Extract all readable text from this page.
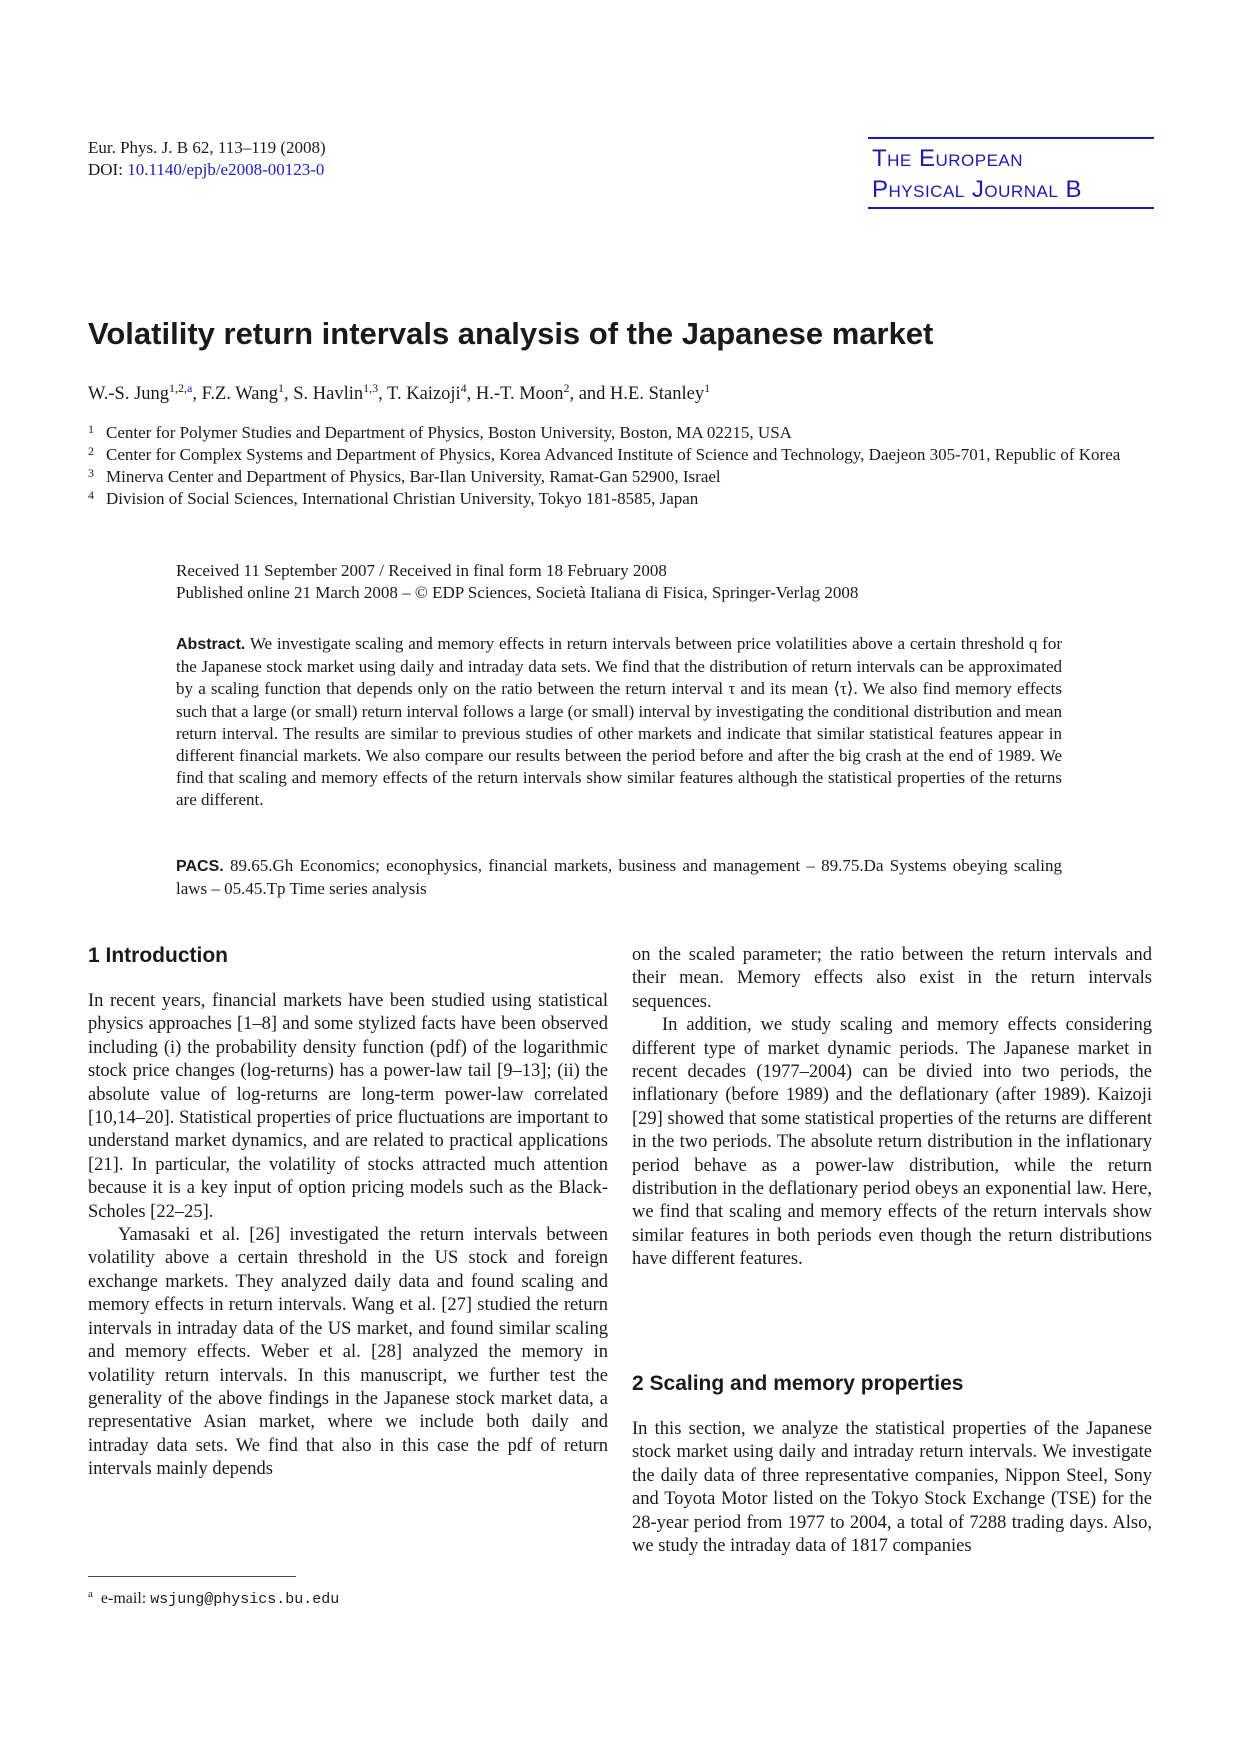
Eur. Phys. J. B 62, 113–119 (2008)
DOI: 10.1140/epjb/e2008-00123-0	The European
Physical Journal B
Volatility return intervals analysis of the Japanese market
W.-S. Jung$^{1,2,a}$, F.Z. Wang$^1$, S. Havlin$^{1,3}$, T. Kaizoji$^4$, H.-T. Moon$^2$, and H.E. Stanley$^1$
1 Center for Polymer Studies and Department of Physics, Boston University, Boston, MA 02215, USA
2 Center for Complex Systems and Department of Physics, Korea Advanced Institute of Science and Technology, Daejeon 305-701, Republic of Korea
3 Minerva Center and Department of Physics, Bar-Ilan University, Ramat-Gan 52900, Israel
4 Division of Social Sciences, International Christian University, Tokyo 181-8585, Japan
Received 11 September 2007 / Received in final form 18 February 2008
Published online 21 March 2008 – © EDP Sciences, Società Italiana di Fisica, Springer-Verlag 2008
Abstract. We investigate scaling and memory effects in return intervals between price volatilities above a certain threshold q for the Japanese stock market using daily and intraday data sets. We find that the distribution of return intervals can be approximated by a scaling function that depends only on the ratio between the return interval τ and its mean ⟨τ⟩. We also find memory effects such that a large (or small) return interval follows a large (or small) interval by investigating the conditional distribution and mean return interval. The results are similar to previous studies of other markets and indicate that similar statistical features appear in different financial markets. We also compare our results between the period before and after the big crash at the end of 1989. We find that scaling and memory effects of the return intervals show similar features although the statistical properties of the returns are different.
PACS. 89.65.Gh Economics; econophysics, financial markets, business and management – 89.75.Da Systems obeying scaling laws – 05.45.Tp Time series analysis
1 Introduction

In recent years, financial markets have been studied using statistical physics approaches [1–8] and some stylized facts have been observed including (i) the probability density function (pdf) of the logarithmic stock price changes (log-returns) has a power-law tail [9–13]; (ii) the absolute value of log-returns are long-term power-law correlated [10,14–20]. Statistical properties of price fluctuations are important to understand market dynamics, and are related to practical applications [21]. In particular, the volatility of stocks attracted much attention because it is a key input of option pricing models such as the Black-Scholes [22–25].

Yamasaki et al. [26] investigated the return intervals between volatility above a certain threshold in the US stock and foreign exchange markets. They analyzed daily data and found scaling and memory effects in return intervals. Wang et al. [27] studied the return intervals in intraday data of the US market, and found similar scaling and memory effects. Weber et al. [28] analyzed the memory in volatility return intervals. In this manuscript, we further test the generality of the above findings in the Japanese stock market data, a representative Asian market, where we include both daily and intraday data sets. We find that also in this case the pdf of return intervals mainly depends

on the scaled parameter; the ratio between the return intervals and their mean. Memory effects also exist in the return intervals sequences.

In addition, we study scaling and memory effects considering different type of market dynamic periods. The Japanese market in recent decades (1977–2004) can be divied into two periods, the inflationary (before 1989) and the deflationary (after 1989). Kaizoji [29] showed that some statistical properties of the returns are different in the two periods. The absolute return distribution in the inflationary period behave as a power-law distribution, while the return distribution in the deflationary period obeys an exponential law. Here, we find that scaling and memory effects of the return intervals show similar features in both periods even though the return distributions have different features.

2 Scaling and memory properties

In this section, we analyze the statistical properties of the Japanese stock market using daily and intraday return intervals. We investigate the daily data of three representative companies, Nippon Steel, Sony and Toyota Motor listed on the Tokyo Stock Exchange (TSE) for the 28-year period from 1977 to 2004, a total of 7288 trading days. Also, we study the intraday data of 1817 companies

$^a$ e-mail: wsjung@physics.bu.edu
